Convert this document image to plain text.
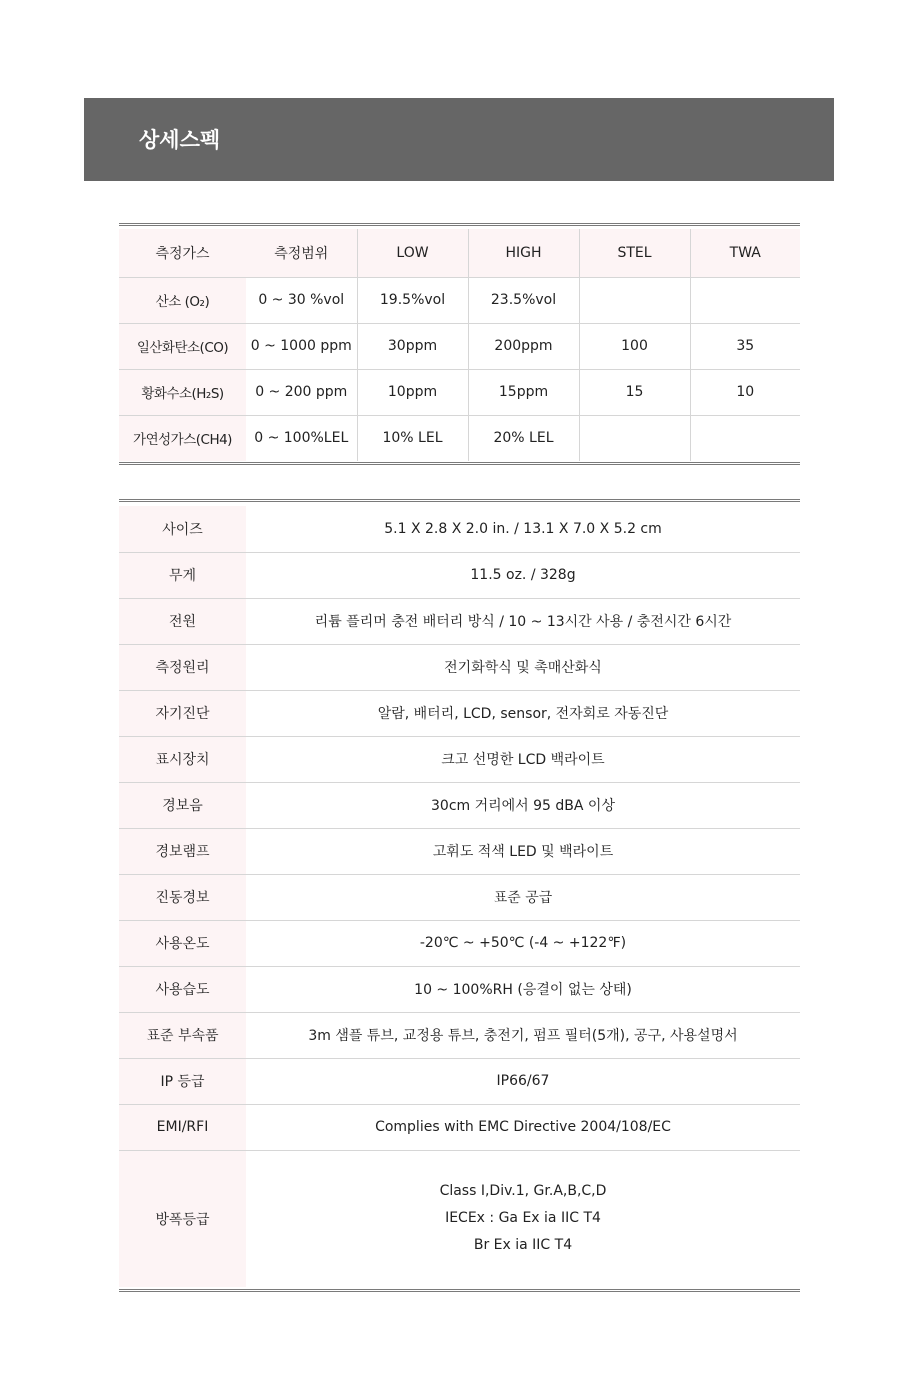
상세스펙
측정가스	측정범위	LOW	HIGH	STEL	TWA
산소 (O₂)	0 ~ 30 %vol	19.5%vol	23.5%vol		
일산화탄소(CO)	0 ~ 1000 ppm	30ppm	200ppm	100	35
황화수소(H₂S)	0 ~ 200 ppm	10ppm	15ppm	15	10
가연성가스(CH4)	0 ~ 100%LEL	10% LEL	20% LEL		
사이즈	5.1 X 2.8 X 2.0 in. / 13.1 X 7.0 X 5.2 cm
무게	11.5 oz. / 328g
전원	리튬 플리머 충전 배터리 방식 / 10 ~ 13시간 사용 / 충전시간 6시간
측정원리	전기화학식 및 촉매산화식
자기진단	알람, 배터리, LCD, sensor, 전자회로 자동진단
표시장치	크고 선명한 LCD 백라이트
경보음	30cm 거리에서 95 dBA 이상
경보램프	고휘도 적색 LED 및 백라이트
진동경보	표준 공급
사용온도	-20℃ ~ +50℃ (-4 ~ +122℉)
사용습도	10 ~ 100%RH (응결이 없는 상태)
표준 부속품	3m 샘플 튜브, 교정용 튜브, 충전기, 펌프 필터(5개), 공구, 사용설명서
IP 등급	IP66/67
EMI/RFI	Complies with EMC Directive 2004/108/EC
방폭등급	Class I,Div.1, Gr.A,B,C,D
IECEx : Ga Ex ia IIC T4
Br Ex ia IIC T4
